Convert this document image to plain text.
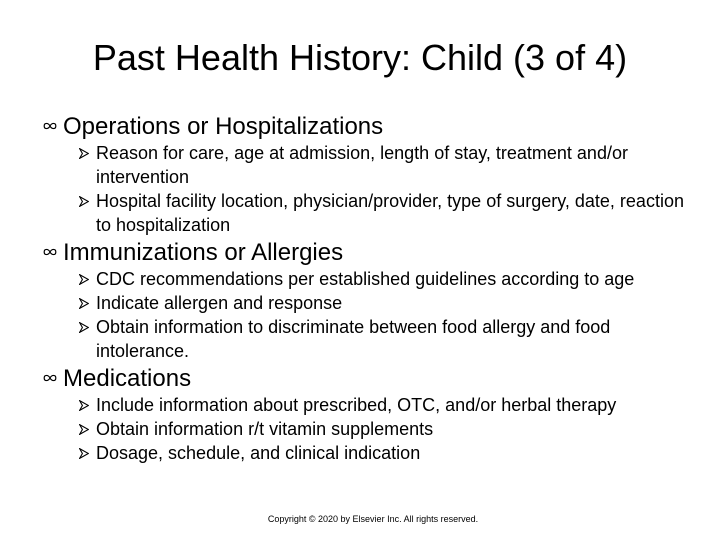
Past Health History: Child (3 of 4)
Operations or Hospitalizations
Reason for care, age at admission, length of stay, treatment and/or intervention
Hospital facility location, physician/provider, type of surgery, date, reaction to hospitalization
Immunizations or Allergies
CDC recommendations per established guidelines according to age
Indicate allergen and response
Obtain information to discriminate between food allergy and food intolerance.
Medications
Include information about prescribed, OTC, and/or herbal therapy
Obtain information r/t vitamin supplements
Dosage, schedule, and clinical indication
Copyright © 2020 by Elsevier Inc. All rights reserved.
